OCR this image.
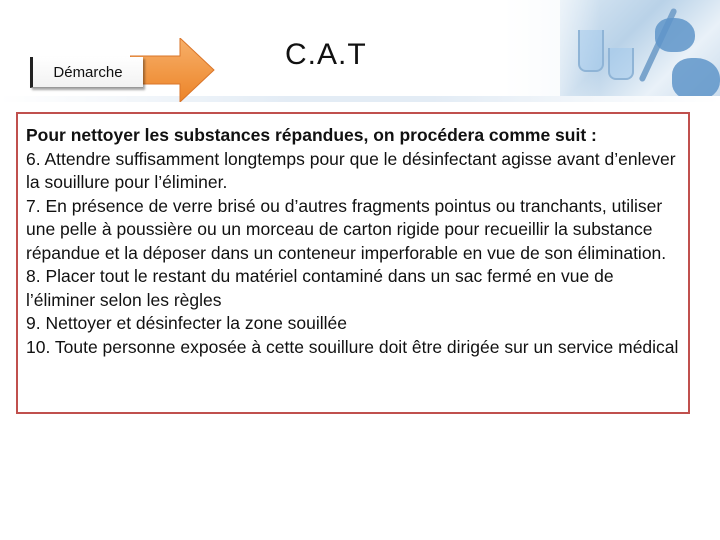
Démarche
C.A.T

Pour nettoyer les substances répandues, on procédera comme suit :

6. Attendre suffisamment longtemps pour que le désinfectant agisse avant d’enlever la souillure pour l’éliminer.

7. En présence de verre brisé ou d’autres fragments pointus ou tranchants, utiliser une pelle à poussière ou un morceau de carton rigide pour recueillir la substance répandue et la déposer dans un conteneur imperforable en vue de son élimination.

8. Placer tout le restant du matériel contaminé dans un sac fermé en vue de l’éliminer selon les règles

9. Nettoyer et désinfecter la zone souillée

10. Toute personne exposée à cette souillure doit être dirigée sur un service médical
